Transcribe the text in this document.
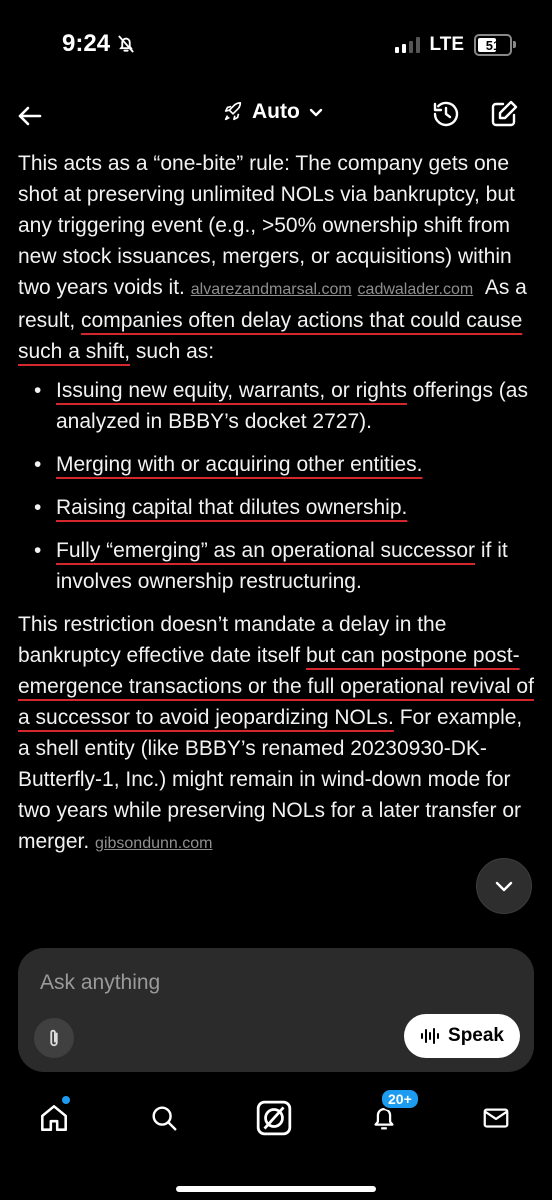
9:24	LTE 51
Auto

This acts as a “one-bite” rule: The company gets one shot at preserving unlimited NOLs via bankruptcy, but any triggering event (e.g., >50% ownership shift from new stock issuances, mergers, or acquisitions) within two years voids it. alvarezandmarsal.com cadwalader.com As a result, companies often delay actions that could cause such a shift, such as:

• Issuing new equity, warrants, or rights offerings (as analyzed in BBBY’s docket 2727).
• Merging with or acquiring other entities.
• Raising capital that dilutes ownership.
• Fully “emerging” as an operational successor if it involves ownership restructuring.

This restriction doesn’t mandate a delay in the bankruptcy effective date itself but can postpone post-emergence transactions or the full operational revival of a successor to avoid jeopardizing NOLs. For example, a shell entity (like BBBY’s renamed 20230930-DK-Butterfly-1, Inc.) might remain in wind-down mode for two years while preserving NOLs for a later transfer or merger. gibsondunn.com

Ask anything
Speak
20+
